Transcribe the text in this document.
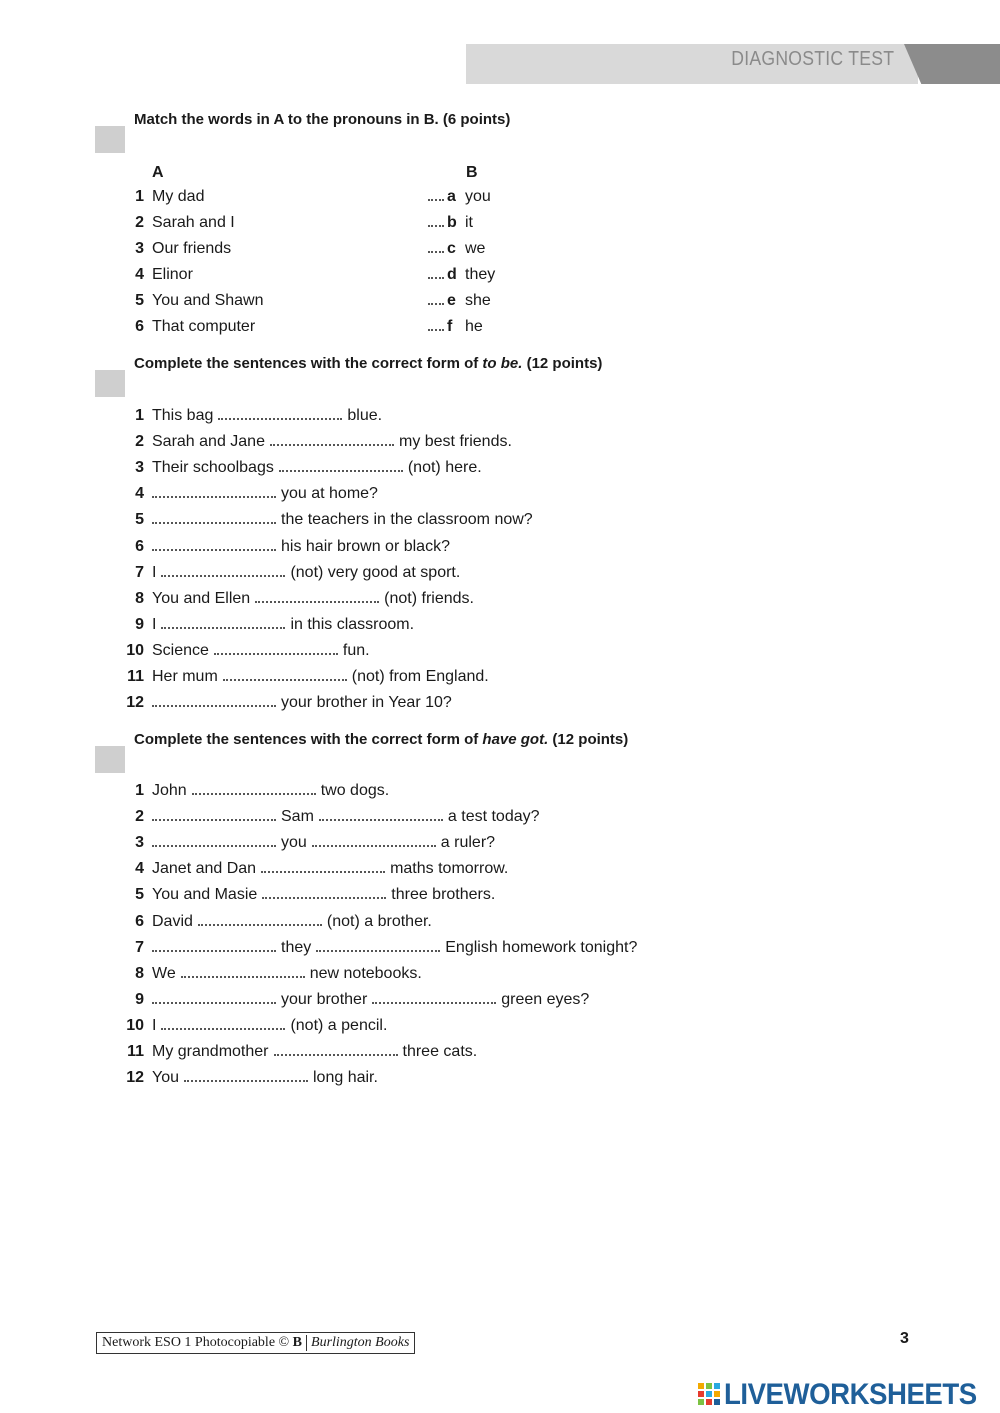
DIAGNOSTIC TEST
Match the words in A to the pronouns in B. (6 points)
A	B
1 My dad	a you
2 Sarah and I	b it
3 Our friends	c we
4 Elinor	d they
5 You and Shawn	e she
6 That computer	f he
Complete the sentences with the correct form of to be. (12 points)
1 This bag	blue.
2 Sarah and Jane	my best friends.
3 Their schoolbags	(not) here.
4	you at home?
5	the teachers in the classroom now?
6	his hair brown or black?
7 I	(not) very good at sport.
8 You and Ellen	(not) friends.
9 I	in this classroom.
10 Science	fun.
11 Her mum	(not) from England.
12	your brother in Year 10?
Complete the sentences with the correct form of have got. (12 points)
1 John	two dogs.
2	Sam	a test today?
3	you	a ruler?
4 Janet and Dan	maths tomorrow.
5 You and Masie	three brothers.
6 David	(not) a brother.
7	they	English homework tonight?
8 We	new notebooks.
9	your brother	green eyes?
10 I	(not) a pencil.
11 My grandmother	three cats.
12 You	long hair.
Network ESO 1 Photocopiable © B Burlington Books	3
LIVEWORKSHEETS
